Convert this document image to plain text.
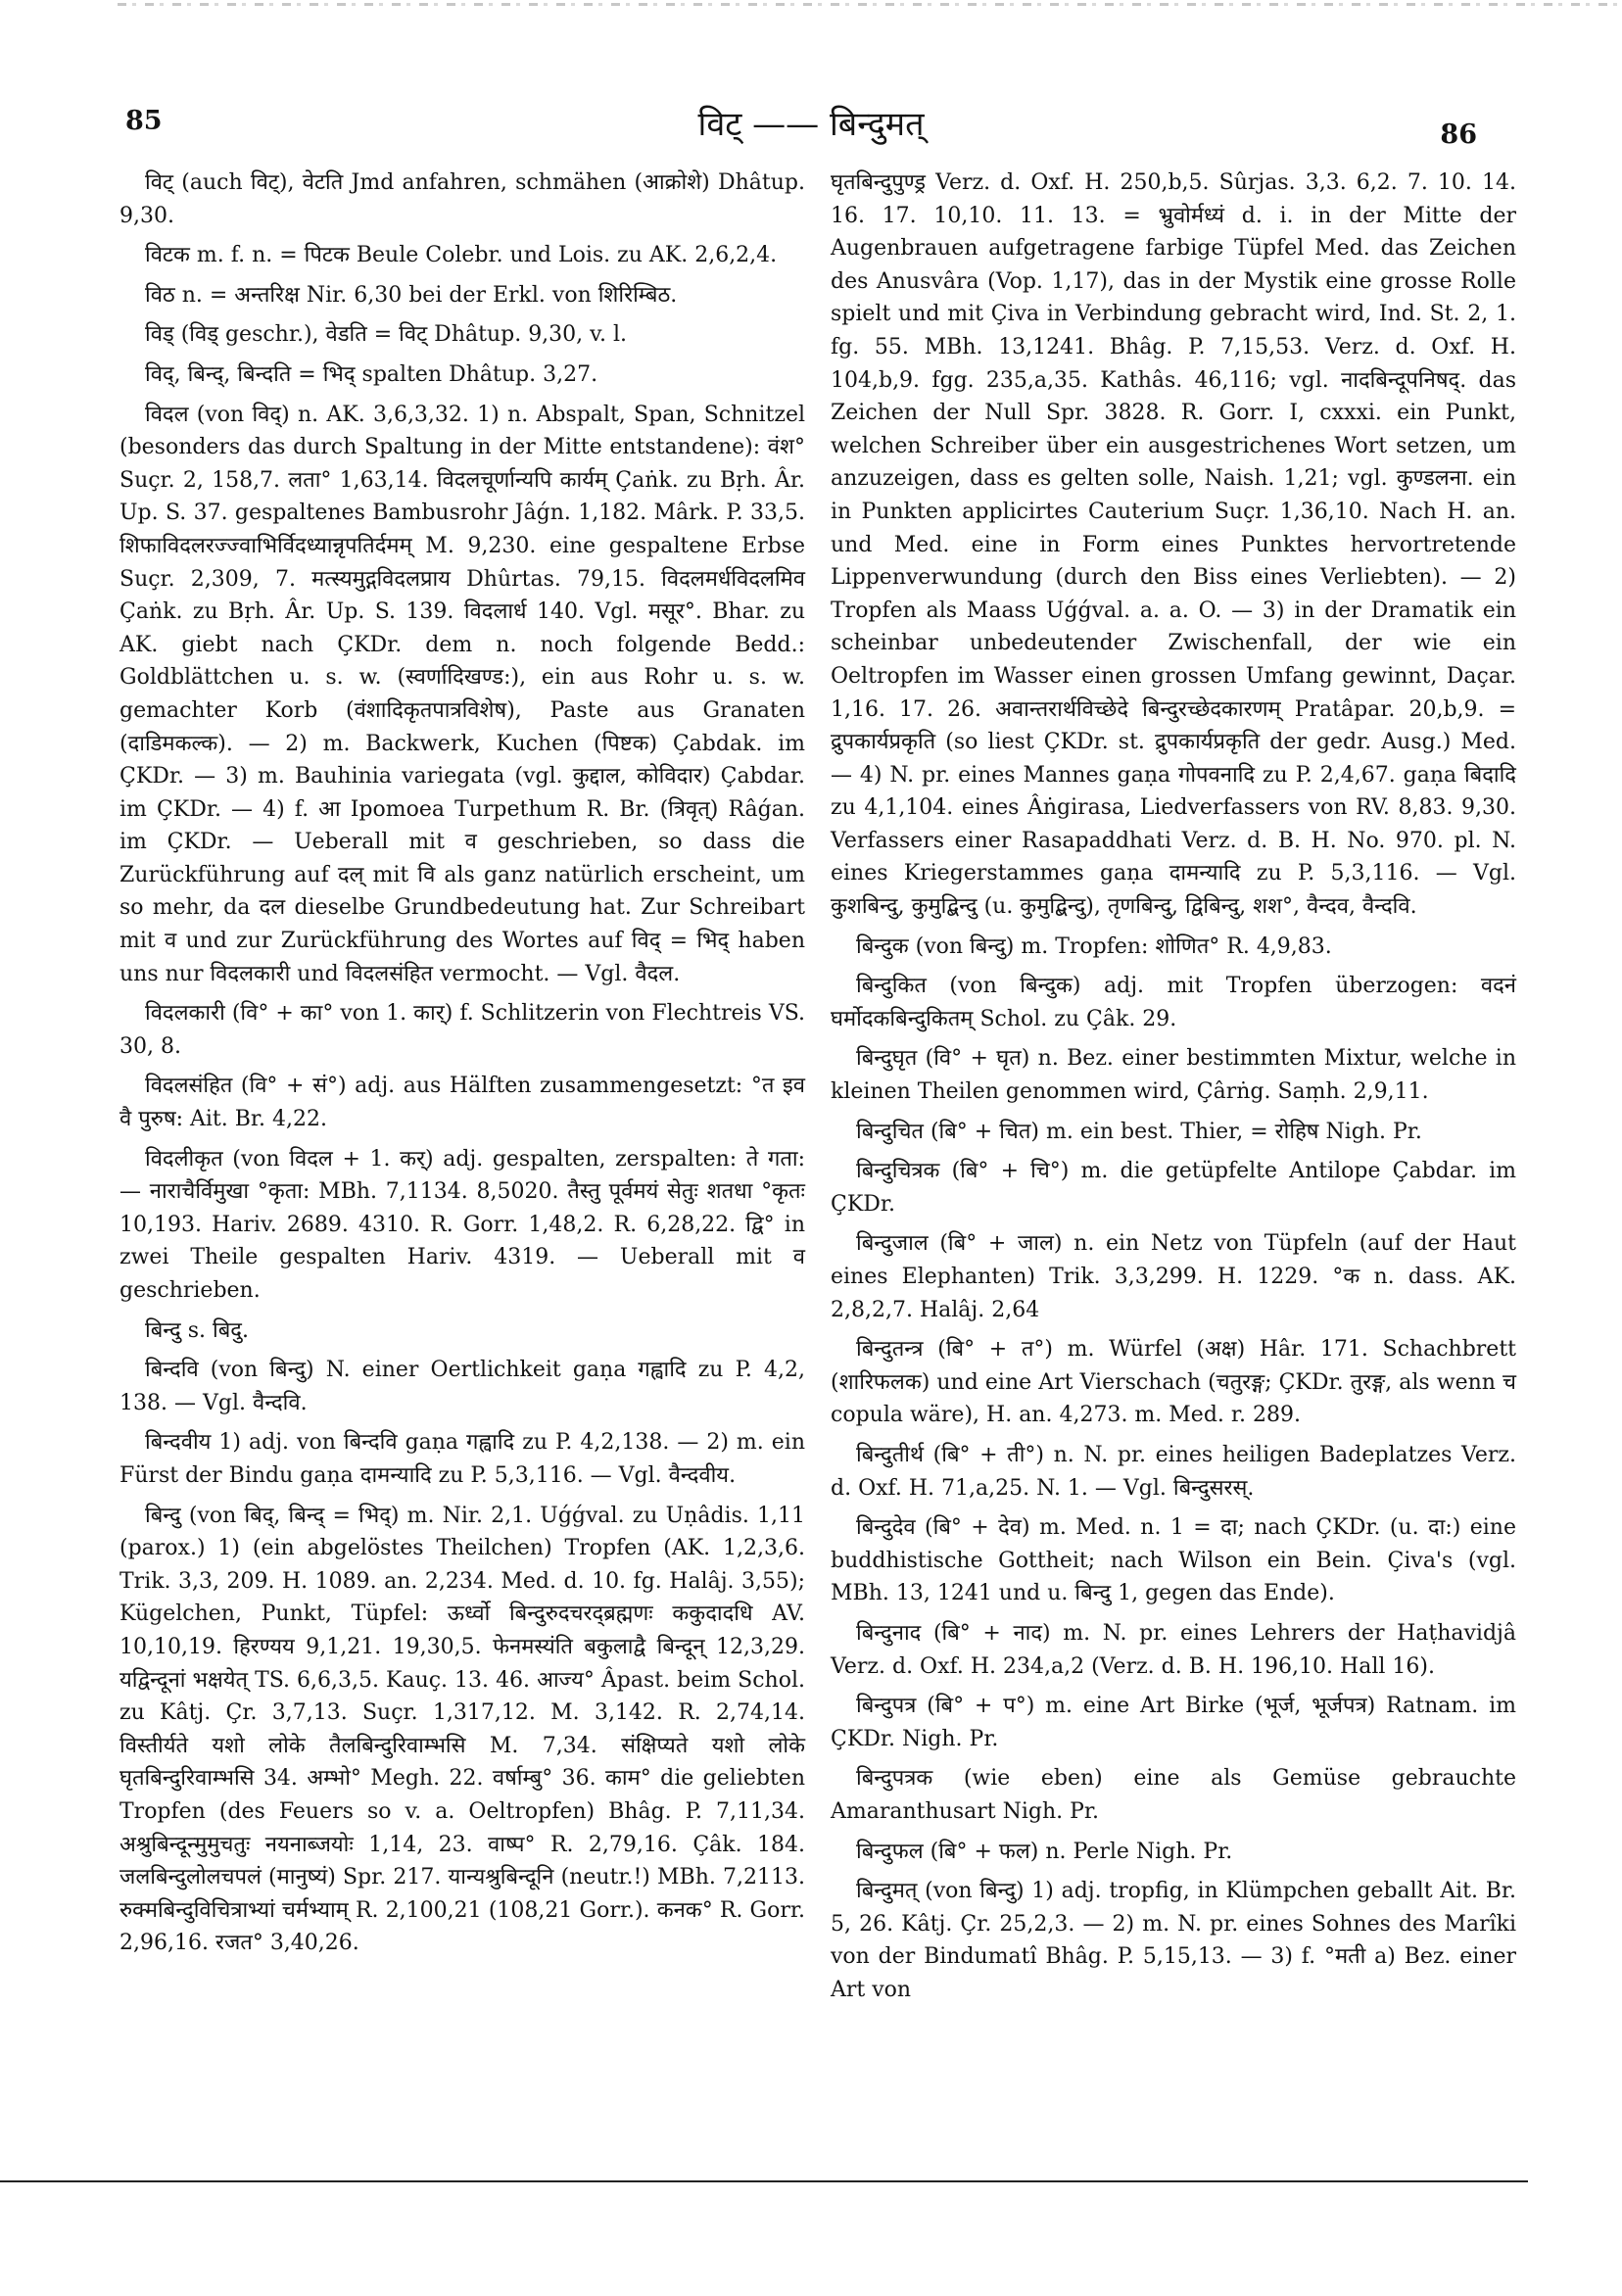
85	विट् —— बिन्दुमत्	86

विट् (auch विट्), वेटति Jmd anfahren, schmähen (आक्रोशे) Dhâtup. 9,30.

विटक m. f. n. = पिटक Beule Colebr. und Lois. zu AK. 2,6,2,4.

विठ n. = अन्तरिक्ष Nir. 6,30 bei der Erkl. von शिरिम्बिठ.

विड् (विड् geschr.), वेडति = विट् Dhâtup. 9,30, v. l.

विद्, बिन्द्, बिन्दति = भिद् spalten Dhâtup. 3,27.

विदल (von विद्) n. AK. 3,6,3,32. 1) n. Abspalt, Span, Schnitzel (besonders das durch Spaltung in der Mitte entstandene): वंश° Suçr. 2, 158,7. लता° 1,63,14. विदलचूर्णान्यपि कार्यम् Çaṅk. zu Bṛh. Âr. Up. S. 37. gespaltenes Bambusrohr Jâǵn. 1,182. Mârk. P. 33,5. शिफाविदलरज्ज्वाभिर्विदध्यान्नृपतिर्दमम् M. 9,230. eine gespaltene Erbse Suçr. 2,309, 7. मत्स्यमुद्गविदलप्राय Dhûrtas. 79,15. विदलमर्धविदलमिव Çaṅk. zu Bṛh. Âr. Up. S. 139. विदलार्ध 140. Vgl. मसूर°. Bhar. zu AK. giebt nach ÇKDr. dem n. noch folgende Bedd.: Goldblättchen u. s. w. (स्वर्णादिखण्ड:), ein aus Rohr u. s. w. gemachter Korb (वंशादिकृतपात्रविशेष), Paste aus Granaten (दाडिमकल्क). — 2) m. Backwerk, Kuchen (पिष्टक) Çabdak. im ÇKDr. — 3) m. Bauhinia variegata (vgl. कुद्दाल, कोविदार) Çabdar. im ÇKDr. — 4) f. आ Ipomoea Turpethum R. Br. (त्रिवृत्) Râǵan. im ÇKDr. — Ueberall mit व geschrieben, so dass die Zurückführung auf दल् mit वि als ganz natürlich erscheint, um so mehr, da दल dieselbe Grundbedeutung hat. Zur Schreibart mit व und zur Zurückführung des Wortes auf विद् = भिद् haben uns nur विदलकारी und विदलसंहित vermocht. — Vgl. वैदल.

विदलकारी (वि° + का° von 1. कार्) f. Schlitzerin von Flechtreis VS. 30, 8.

विदलसंहित (वि° + सं°) adj. aus Hälften zusammengesetzt: °त इव वै पुरुष: Ait. Br. 4,22.

विदलीकृत (von विदल + 1. कर्) adj. gespalten, zerspalten: ते गता: — नाराचैर्विमुखा °कृता: MBh. 7,1134. 8,5020. तैस्तु पूर्वमयं सेतुः शतधा °कृतः 10,193. Hariv. 2689. 4310. R. Gorr. 1,48,2. R. 6,28,22. द्वि° in zwei Theile gespalten Hariv. 4319. — Ueberall mit व geschrieben.

बिन्दु s. बिदु.

बिन्दवि (von बिन्दु) N. einer Oertlichkeit gaṇa गह्वादि zu P. 4,2, 138. — Vgl. वैन्दवि.

बिन्दवीय 1) adj. von बिन्दवि gaṇa गह्वादि zu P. 4,2,138. — 2) m. ein Fürst der Bindu gaṇa दामन्यादि zu P. 5,3,116. — Vgl. वैन्दवीय.

बिन्दु (von बिद्, बिन्द् = भिद्) m. Nir. 2,1. Uǵǵval. zu Uṇâdis. 1,11 (parox.) 1) (ein abgelöstes Theilchen) Tropfen (AK. 1,2,3,6. Trik. 3,3, 209. H. 1089. an. 2,234. Med. d. 10. fg. Halâj. 3,55); Kügelchen, Punkt, Tüpfel: ऊर्ध्वो बिन्दुरुदचरद्ब्रह्मणः ककुदादधि AV. 10,10,19. हिरण्यय 9,1,21. 19,30,5. फेनमस्यंति बकुलाद्वै बिन्दून् 12,3,29. यद्विन्दूनां भक्षयेत् TS. 6,6,3,5. Kauç. 13. 46. आज्य° Âpast. beim Schol. zu Kâtj. Çr. 3,7,13. Suçr. 1,317,12. M. 3,142. R. 2,74,14. विस्तीर्यते यशो लोके तैलबिन्दुरिवाम्भसि M. 7,34. संक्षिप्यते यशो लोके घृतबिन्दुरिवाम्भसि 34. अम्भो° Megh. 22. वर्षाम्बु° 36. काम° die geliebten Tropfen (des Feuers so v. a. Oeltropfen) Bhâg. P. 7,11,34. अश्रुबिन्दून्मुमुचतुः नयनाब्जयोः 1,14, 23. वाष्प° R. 2,79,16. Çâk. 184. जलबिन्दुलोलचपलं (मानुष्यं) Spr. 217. यान्यश्रुबिन्दूनि (neutr.!) MBh. 7,2113. रुक्मबिन्दुविचित्राभ्यां चर्मभ्याम् R. 2,100,21 (108,21 Gorr.). कनक° R. Gorr. 2,96,16. रजत° 3,40,26.

घृतबिन्दुपुण्ड्र Verz. d. Oxf. H. 250,b,5. Sûrjas. 3,3. 6,2. 7. 10. 14. 16. 17. 10,10. 11. 13. = भ्रुवोर्मध्यं d. i. in der Mitte der Augenbrauen aufgetragene farbige Tüpfel Med. das Zeichen des Anusvâra (Vop. 1,17), das in der Mystik eine grosse Rolle spielt und mit Çiva in Verbindung gebracht wird, Ind. St. 2, 1. fg. 55. MBh. 13,1241. Bhâg. P. 7,15,53. Verz. d. Oxf. H. 104,b,9. fgg. 235,a,35. Kathâs. 46,116; vgl. नादबिन्दूपनिषद्. das Zeichen der Null Spr. 3828. R. Gorr. I, cxxxi. ein Punkt, welchen Schreiber über ein ausgestrichenes Wort setzen, um anzuzeigen, dass es gelten solle, Naish. 1,21; vgl. कुण्डलना. ein in Punkten applicirtes Cauterium Suçr. 1,36,10. Nach H. an. und Med. eine in Form eines Punktes hervortretende Lippenverwundung (durch den Biss eines Verliebten). — 2) Tropfen als Maass Uǵǵval. a. a. O. — 3) in der Dramatik ein scheinbar unbedeutender Zwischenfall, der wie ein Oeltropfen im Wasser einen grossen Umfang gewinnt, Daçar. 1,16. 17. 26. अवान्तरार्थविच्छेदे बिन्दुरच्छेदकारणम् Pratâpar. 20,b,9. = द्रुपकार्यप्रकृति (so liest ÇKDr. st. द्रुपकार्यप्रकृति der gedr. Ausg.) Med. — 4) N. pr. eines Mannes gaṇa गोपवनादि zu P. 2,4,67. gaṇa बिदादि zu 4,1,104. eines Âṅgirasa, Liedverfassers von RV. 8,83. 9,30. Verfassers einer Rasapaddhati Verz. d. B. H. No. 970. pl. N. eines Kriegerstammes gaṇa दामन्यादि zu P. 5,3,116. — Vgl. कुशबिन्दु, कुमुद्बिन्दु (u. कुमुद्बिन्दु), तृणबिन्दु, द्विबिन्दु, शश°, वैन्दव, वैन्दवि.

बिन्दुक (von बिन्दु) m. Tropfen: शोणित° R. 4,9,83.

बिन्दुकित (von बिन्दुक) adj. mit Tropfen überzogen: वदनं घर्मोदकबिन्दुकितम् Schol. zu Çâk. 29.

बिन्दुघृत (वि° + घृत) n. Bez. einer bestimmten Mixtur, welche in kleinen Theilen genommen wird, Çârṅg. Saṃh. 2,9,11.

बिन्दुचित (बि° + चित) m. ein best. Thier, = रोहिष Nigh. Pr.

बिन्दुचित्रक (बि° + चि°) m. die getüpfelte Antilope Çabdar. im ÇKDr.

बिन्दुजाल (बि° + जाल) n. ein Netz von Tüpfeln (auf der Haut eines Elephanten) Trik. 3,3,299. H. 1229. °क n. dass. AK. 2,8,2,7. Halâj. 2,64

बिन्दुतन्त्र (बि° + त°) m. Würfel (अक्ष) Hâr. 171. Schachbrett (शारिफलक) und eine Art Vierschach (चतुरङ्ग; ÇKDr. तुरङ्ग, als wenn च copula wäre), H. an. 4,273. m. Med. r. 289.

बिन्दुतीर्थ (बि° + ती°) n. N. pr. eines heiligen Badeplatzes Verz. d. Oxf. H. 71,a,25. N. 1. — Vgl. बिन्दुसरस्.

बिन्दुदेव (बि° + देव) m. Med. n. 1 = दा; nach ÇKDr. (u. दा:) eine buddhistische Gottheit; nach Wilson ein Bein. Çiva's (vgl. MBh. 13, 1241 und u. बिन्दु 1, gegen das Ende).

बिन्दुनाद (बि° + नाद) m. N. pr. eines Lehrers der Haṭhavidjâ Verz. d. Oxf. H. 234,a,2 (Verz. d. B. H. 196,10. Hall 16).

बिन्दुपत्र (बि° + प°) m. eine Art Birke (भूर्ज, भूर्जपत्र) Ratnam. im ÇKDr. Nigh. Pr.

बिन्दुपत्रक (wie eben) eine als Gemüse gebrauchte Amaranthusart Nigh. Pr.

बिन्दुफल (बि° + फल) n. Perle Nigh. Pr.

बिन्दुमत् (von बिन्दु) 1) adj. tropfig, in Klümpchen geballt Ait. Br. 5, 26. Kâtj. Çr. 25,2,3. — 2) m. N. pr. eines Sohnes des Marîki von der Bindumatî Bhâg. P. 5,15,13. — 3) f. °मती a) Bez. einer Art von
